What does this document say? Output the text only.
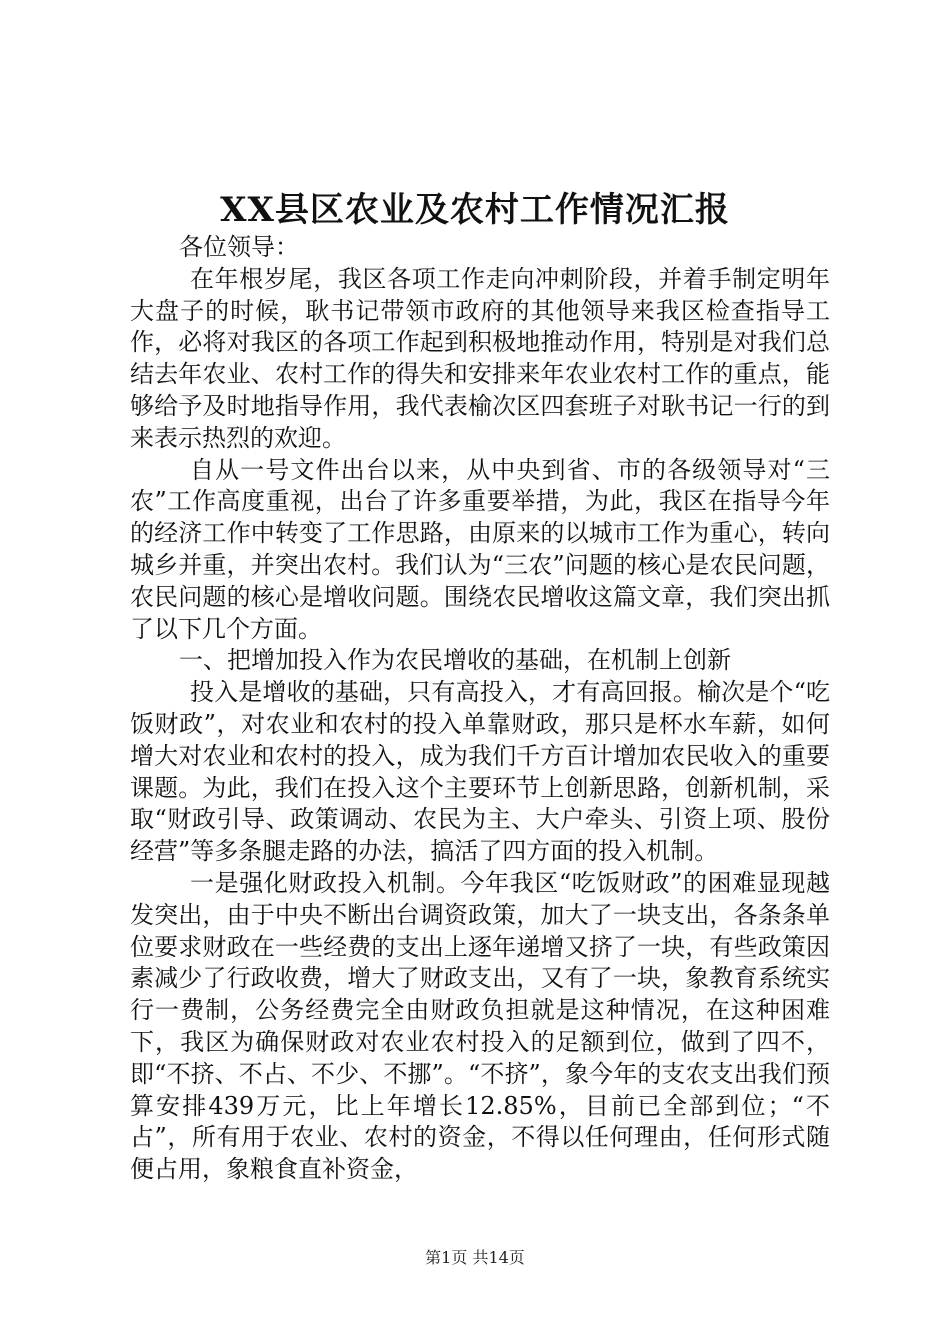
XX县区农业及农村工作情况汇报

各位领导：

在年根岁尾，我区各项工作走向冲刺阶段，并着手制定明年大盘子的时候，耿书记带领市政府的其他领导来我区检查指导工作，必将对我区的各项工作起到积极地推动作用，特别是对我们总结去年农业、农村工作的得失和安排来年农业农村工作的重点，能够给予及时地指导作用，我代表榆次区四套班子对耿书记一行的到来表示热烈的欢迎。

自从一号文件出台以来，从中央到省、市的各级领导对“三农”工作高度重视，出台了许多重要举措，为此，我区在指导今年的经济工作中转变了工作思路，由原来的以城市工作为重心，转向城乡并重，并突出农村。我们认为“三农”问题的核心是农民问题，农民问题的核心是增收问题。围绕农民增收这篇文章，我们突出抓了以下几个方面。

一、把增加投入作为农民增收的基础，在机制上创新

投入是增收的基础，只有高投入，才有高回报。榆次是个“吃饭财政”，对农业和农村的投入单靠财政，那只是杯水车薪，如何增大对农业和农村的投入，成为我们千方百计增加农民收入的重要课题。为此，我们在投入这个主要环节上创新思路，创新机制，采取“财政引导、政策调动、农民为主、大户牵头、引资上项、股份经营”等多条腿走路的办法，搞活了四方面的投入机制。

一是强化财政投入机制。今年我区“吃饭财政”的困难显现越发突出，由于中央不断出台调资政策，加大了一块支出，各条条单位要求财政在一些经费的支出上逐年递增又挤了一块，有些政策因素减少了行政收费，增大了财政支出，又有了一块，象教育系统实行一费制，公务经费完全由财政负担就是这种情况，在这种困难下，我区为确保财政对农业农村投入的足额到位，做到了四不，即“不挤、不占、不少、不挪”。“不挤”，象今年的支农支出我们预算安排439万元，比上年增长12.85%，目前已全部到位；“不占”，所有用于农业、农村的资金，不得以任何理由，任何形式随便占用，象粮食直补资金，

第1页 共14页
